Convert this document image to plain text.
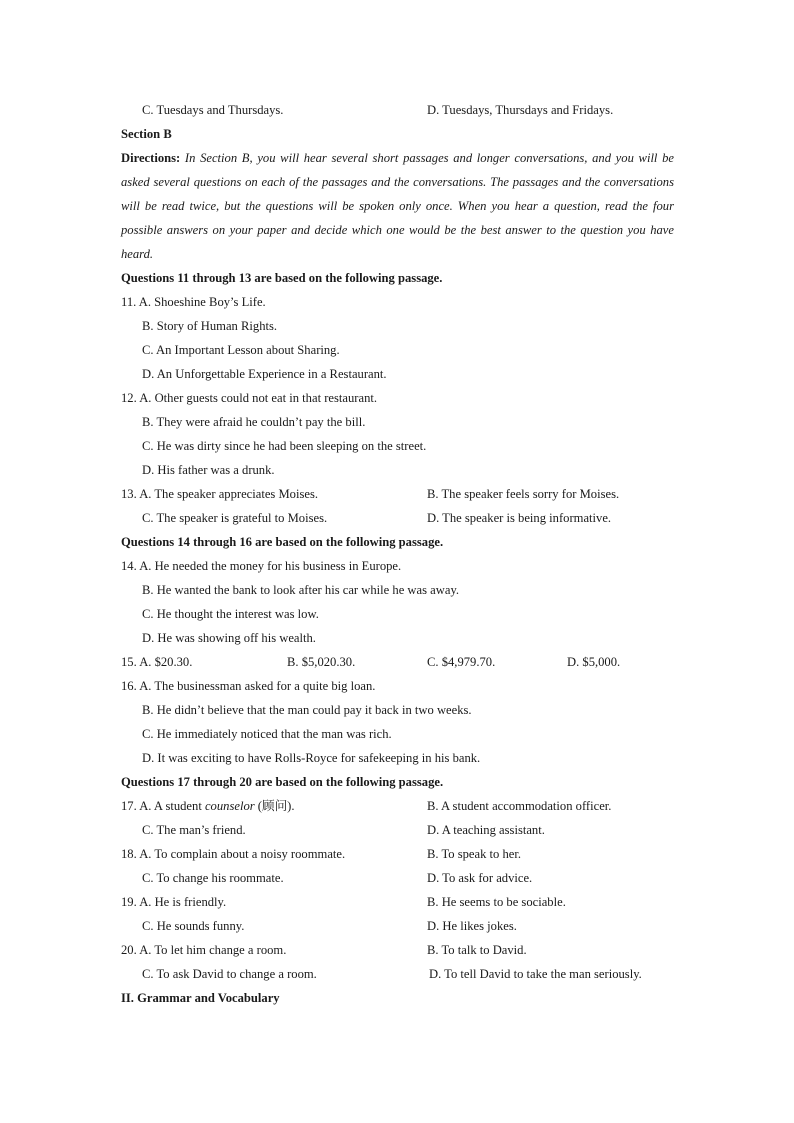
C. Tuesdays and Thursdays.	D. Tuesdays, Thursdays and Fridays.
Section B
Directions: In Section B, you will hear several short passages and longer conversations, and you will be asked several questions on each of the passages and the conversations. The passages and the conversations will be read twice, but the questions will be spoken only once. When you hear a question, read the four possible answers on your paper and decide which one would be the best answer to the question you have heard.
Questions 11 through 13 are based on the following passage.
11. A. Shoeshine Boy’s Life.
B. Story of Human Rights.
C. An Important Lesson about Sharing.
D. An Unforgettable Experience in a Restaurant.
12. A. Other guests could not eat in that restaurant.
B. They were afraid he couldn’t pay the bill.
C. He was dirty since he had been sleeping on the street.
D. His father was a drunk.
13. A. The speaker appreciates Moises.	B. The speaker feels sorry for Moises.
C. The speaker is grateful to Moises.	D. The speaker is being informative.
Questions 14 through 16 are based on the following passage.
14. A. He needed the money for his business in Europe.
B. He wanted the bank to look after his car while he was away.
C. He thought the interest was low.
D. He was showing off his wealth.
15. A. $20.30.	B. $5,020.30.	C. $4,979.70.	D. $5,000.
16. A. The businessman asked for a quite big loan.
B. He didn’t believe that the man could pay it back in two weeks.
C. He immediately noticed that the man was rich.
D. It was exciting to have Rolls-Royce for safekeeping in his bank.
Questions 17 through 20 are based on the following passage.
17. A. A student counselor (顾问).	B. A student accommodation officer.
C. The man’s friend.	D. A teaching assistant.
18. A. To complain about a noisy roommate.	B. To speak to her.
C. To change his roommate.	D. To ask for advice.
19. A. He is friendly.	B. He seems to be sociable.
C. He sounds funny.	D. He likes jokes.
20. A. To let him change a room.	B. To talk to David.
C. To ask David to change a room.	D. To tell David to take the man seriously.
II. Grammar and Vocabulary
